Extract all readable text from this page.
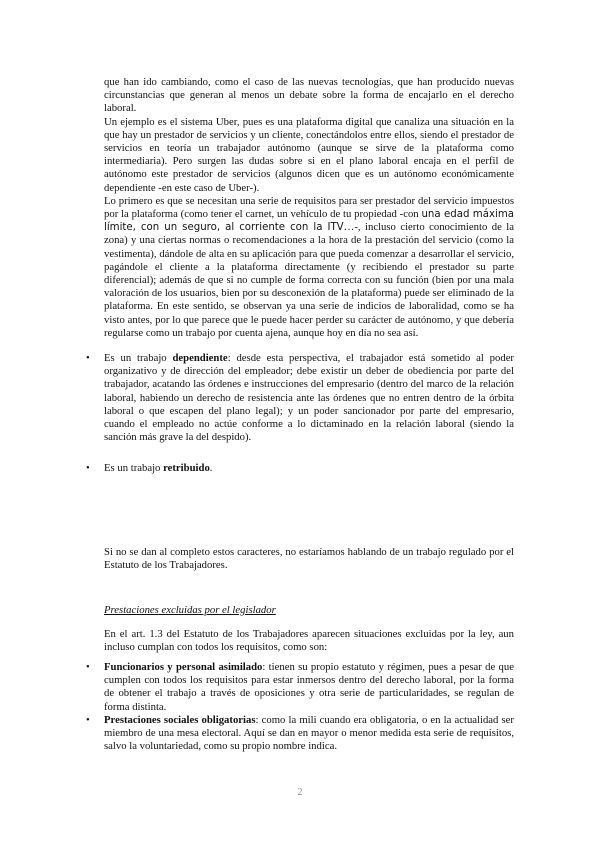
que han ido cambiando, como el caso de las nuevas tecnologías, que han producido nuevas circunstancias que generan al menos un debate sobre la forma de encajarlo en el derecho laboral.

Un ejemplo es el sistema Uber, pues es una plataforma digital que canaliza una situación en la que hay un prestador de servicios y un cliente, conectándolos entre ellos, siendo el prestador de servicios en teoría un trabajador autónomo (aunque se sirve de la plataforma como intermediaria). Pero surgen las dudas sobre si en el plano laboral encaja en el perfil de autónomo este prestador de servicios (algunos dicen que es un autónomo económicamente dependiente -en este caso de Uber-).

Lo primero es que se necesitan una serie de requisitos para ser prestador del servicio impuestos por la plataforma (como tener el carnet, un vehículo de tu propiedad -con una edad máxima límite, con un seguro, al corriente con la ITV…-, incluso cierto conocimiento de la zona) y una ciertas normas o recomendaciones a la hora de la prestación del servicio (como la vestimenta), dándole de alta en su aplicación para que pueda comenzar a desarrollar el servicio, pagándole el cliente a la plataforma directamente (y recibiendo el prestador su parte diferencial); además de que si no cumple de forma correcta con su función (bien por una mala valoración de los usuarios, bien por su desconexión de la plataforma) puede ser eliminado de la plataforma. En este sentido, se observan ya una serie de indicios de laboralidad, como se ha visto antes, por lo que parece que le puede hacer perder su carácter de autónomo, y que debería regularse como un trabajo por cuenta ajena, aunque hoy en día no sea así.

• Es un trabajo dependiente: desde esta perspectiva, el trabajador está sometido al poder organizativo y de dirección del empleador; debe existir un deber de obediencia por parte del trabajador, acatando las órdenes e instrucciones del empresario (dentro del marco de la relación laboral, habiendo un derecho de resistencia ante las órdenes que no entren dentro de la órbita laboral o que escapen del plano legal); y un poder sancionador por parte del empresario, cuando el empleado no actúe conforme a lo dictaminado en la relación laboral (siendo la sanción más grave la del despido).

• Es un trabajo retribuido.

Si no se dan al completo estos caracteres, no estaríamos hablando de un trabajo regulado por el Estatuto de los Trabajadores.

Prestaciones excluidas por el legislador

En el art. 1.3 del Estatuto de los Trabajadores aparecen situaciones excluidas por la ley, aun incluso cumplan con todos los requisitos, como son:

• Funcionarios y personal asimilado: tienen su propio estatuto y régimen, pues a pesar de que cumplen con todos los requisitos para estar inmersos dentro del derecho laboral, por la forma de obtener el trabajo a través de oposiciones y otra serie de particularidades, se regulan de forma distinta.

• Prestaciones sociales obligatorias: como la mili cuando era obligatoria, o en la actualidad ser miembro de una mesa electoral. Aquí se dan en mayor o menor medida esta serie de requisitos, salvo la voluntariedad, como su propio nombre indica.

2
